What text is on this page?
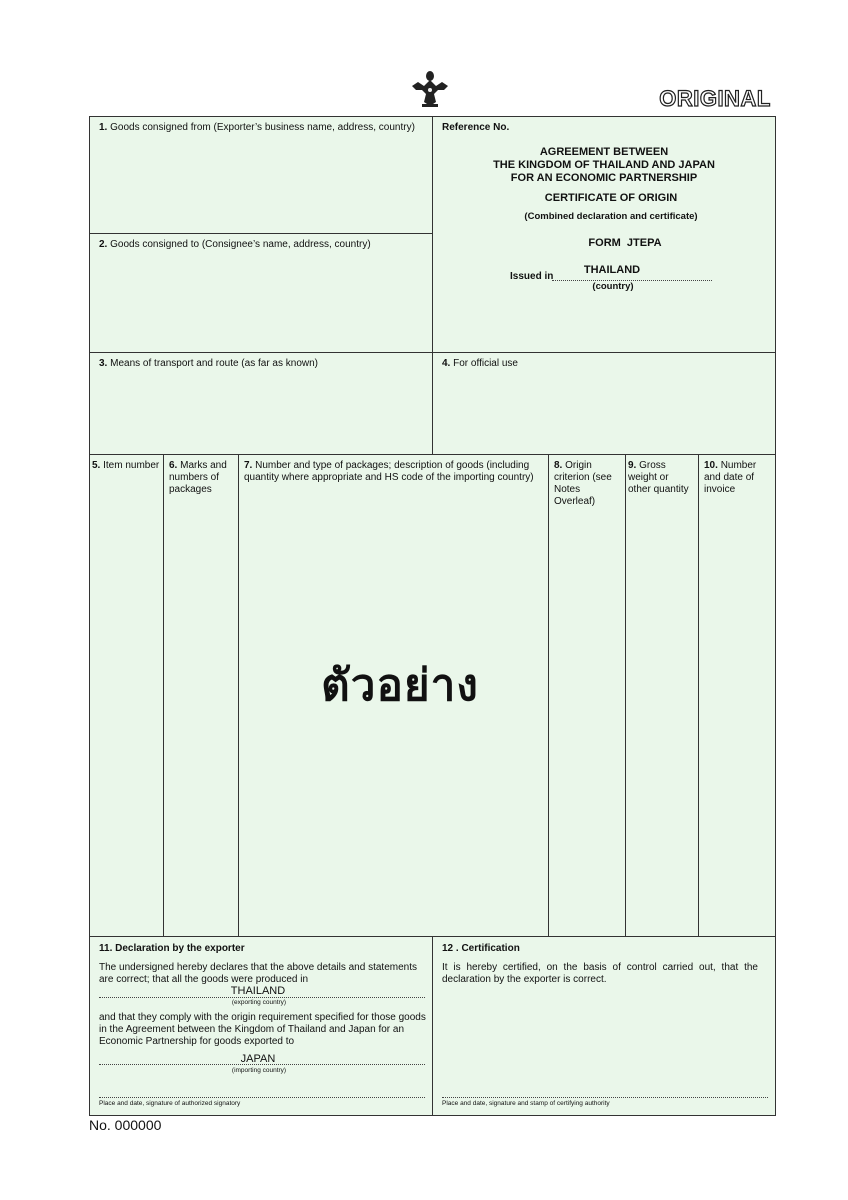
ORIGINAL
1. Goods consigned from (Exporter’s business name, address, country)
2. Goods consigned to (Consignee’s name, address, country)
Reference No.
AGREEMENT BETWEEN
THE KINGDOM OF THAILAND AND JAPAN
FOR AN ECONOMIC PARTNERSHIP
CERTIFICATE OF ORIGIN
(Combined declaration and certificate)
FORM  JTEPA
THAILAND
Issued in
(country)
3. Means of transport and route (as far as known)	4. For official use
5. Item number 6. Marks and numbers of packages
7. Number and type of packages; description of goods (including quantity where appropriate and HS code of the importing country)
8. Origin criterion (see Notes Overleaf)
9. Gross weight or other quantity
10. Number and date of invoice
ตัวอย่าง
11. Declaration by the exporter
The undersigned hereby declares that the above details and statements are correct; that all the goods were produced in
THAILAND
(exporting country)
and that they comply with the origin requirement specified for those goods in the Agreement between the Kingdom of Thailand and Japan for an Economic Partnership for goods exported to
JAPAN
(importing country)
Place and date, signature of authorized signatory
12 . Certification
It is hereby certified, on the basis of control carried out, that the declaration by the exporter is correct.
Place and date, signature and stamp of certifying authority
No. 000000
